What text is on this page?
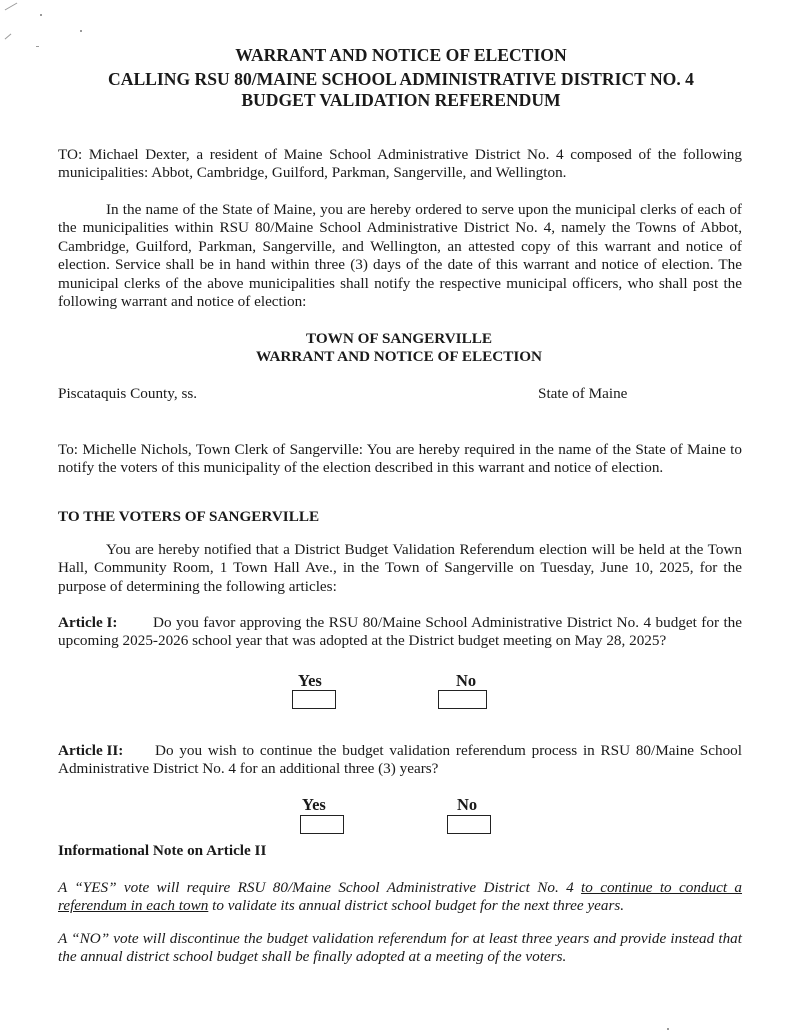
WARRANT AND NOTICE OF ELECTION
CALLING RSU 80/MAINE SCHOOL ADMINISTRATIVE DISTRICT NO. 4
BUDGET VALIDATION REFERENDUM
TO: Michael Dexter, a resident of Maine School Administrative District No. 4 composed of the following municipalities: Abbot, Cambridge, Guilford, Parkman, Sangerville, and Wellington.
In the name of the State of Maine, you are hereby ordered to serve upon the municipal clerks of each of the municipalities within RSU 80/Maine School Administrative District No. 4, namely the Towns of Abbot, Cambridge, Guilford, Parkman, Sangerville, and Wellington, an attested copy of this warrant and notice of election. Service shall be in hand within three (3) days of the date of this warrant and notice of election. The municipal clerks of the above municipalities shall notify the respective municipal officers, who shall post the following warrant and notice of election:
TOWN OF SANGERVILLE
WARRANT AND NOTICE OF ELECTION
Piscataquis County, ss.	State of Maine
To: Michelle Nichols, Town Clerk of Sangerville: You are hereby required in the name of the State of Maine to notify the voters of this municipality of the election described in this warrant and notice of election.
TO THE VOTERS OF SANGERVILLE
You are hereby notified that a District Budget Validation Referendum election will be held at the Town Hall, Community Room, 1 Town Hall Ave., in the Town of Sangerville on Tuesday, June 10, 2025, for the purpose of determining the following articles:
Article I: Do you favor approving the RSU 80/Maine School Administrative District No. 4 budget for the upcoming 2025-2026 school year that was adopted at the District budget meeting on May 28, 2025?
Yes	No
Article II: Do you wish to continue the budget validation referendum process in RSU 80/Maine School Administrative District No. 4 for an additional three (3) years?
Yes	No
Informational Note on Article II
A “YES” vote will require RSU 80/Maine School Administrative District No. 4 to continue to conduct a referendum in each town to validate its annual district school budget for the next three years.
A “NO” vote will discontinue the budget validation referendum for at least three years and provide instead that the annual district school budget shall be finally adopted at a meeting of the voters.
